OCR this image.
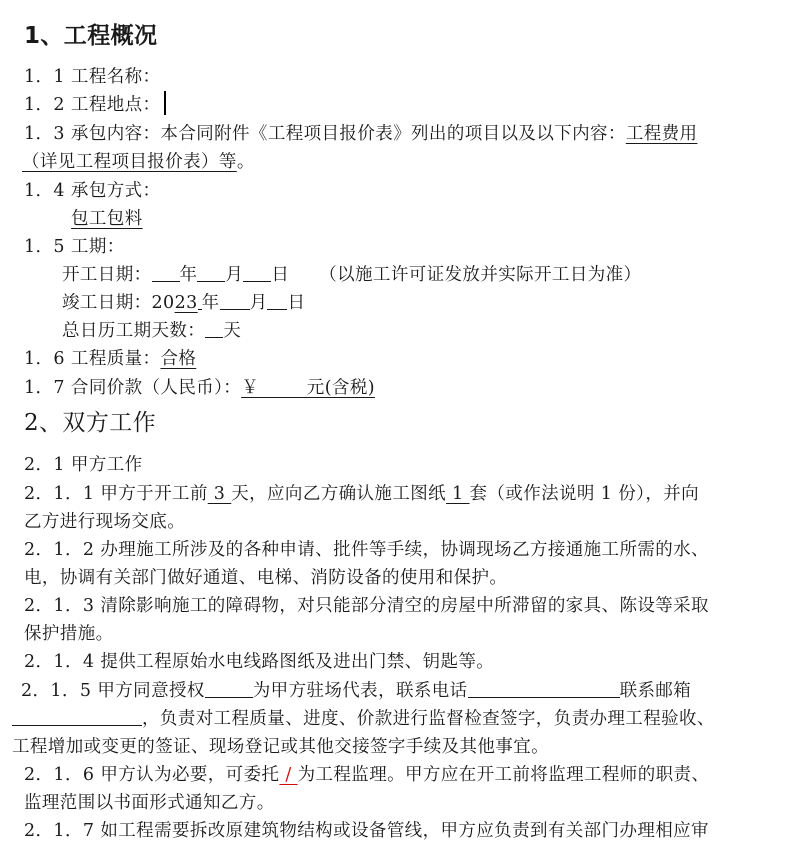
1、工程概况
1．1 工程名称：
1．2 工程地点：
1．3 承包内容：本合同附件《工程项目报价表》列出的项目以及以下内容：工程费用
（详见工程项目报价表）等。
1．4 承包方式：
包工包料
1．5 工期：
开工日期： 年 月 日 （以施工许可证发放并实际开工日为准）
竣工日期：2023 年 月 日
总日历工期天数： 天
1．6 工程质量：合格
1．7 合同价款（人民币）：￥        元(含税)
2、双方工作
2．1 甲方工作
2．1．1 甲方于开工前 3 天，应向乙方确认施工图纸 1 套（或作法说明 1 份），并向
乙方进行现场交底。
2．1．2 办理施工所涉及的各种申请、批件等手续，协调现场乙方接通施工所需的水、
电，协调有关部门做好通道、电梯、消防设备的使用和保护。
2．1．3 清除影响施工的障碍物，对只能部分清空的房屋中所滞留的家具、陈设等采取
保护措施。
2．1．4 提供工程原始水电线路图纸及进出门禁、钥匙等。
2．1．5 甲方同意授权	为甲方驻场代表，联系电话	联系邮箱
，负责对工程质量、进度、价款进行监督检查签字，负责办理工程验收、
工程增加或变更的签证、现场登记或其他交接签字手续及其他事宜。
2．1．6 甲方认为必要，可委托 / 为工程监理。甲方应在开工前将监理工程师的职责、
监理范围以书面形式通知乙方。
2．1．7 如工程需要拆改原建筑物结构或设备管线，甲方应负责到有关部门办理相应审
